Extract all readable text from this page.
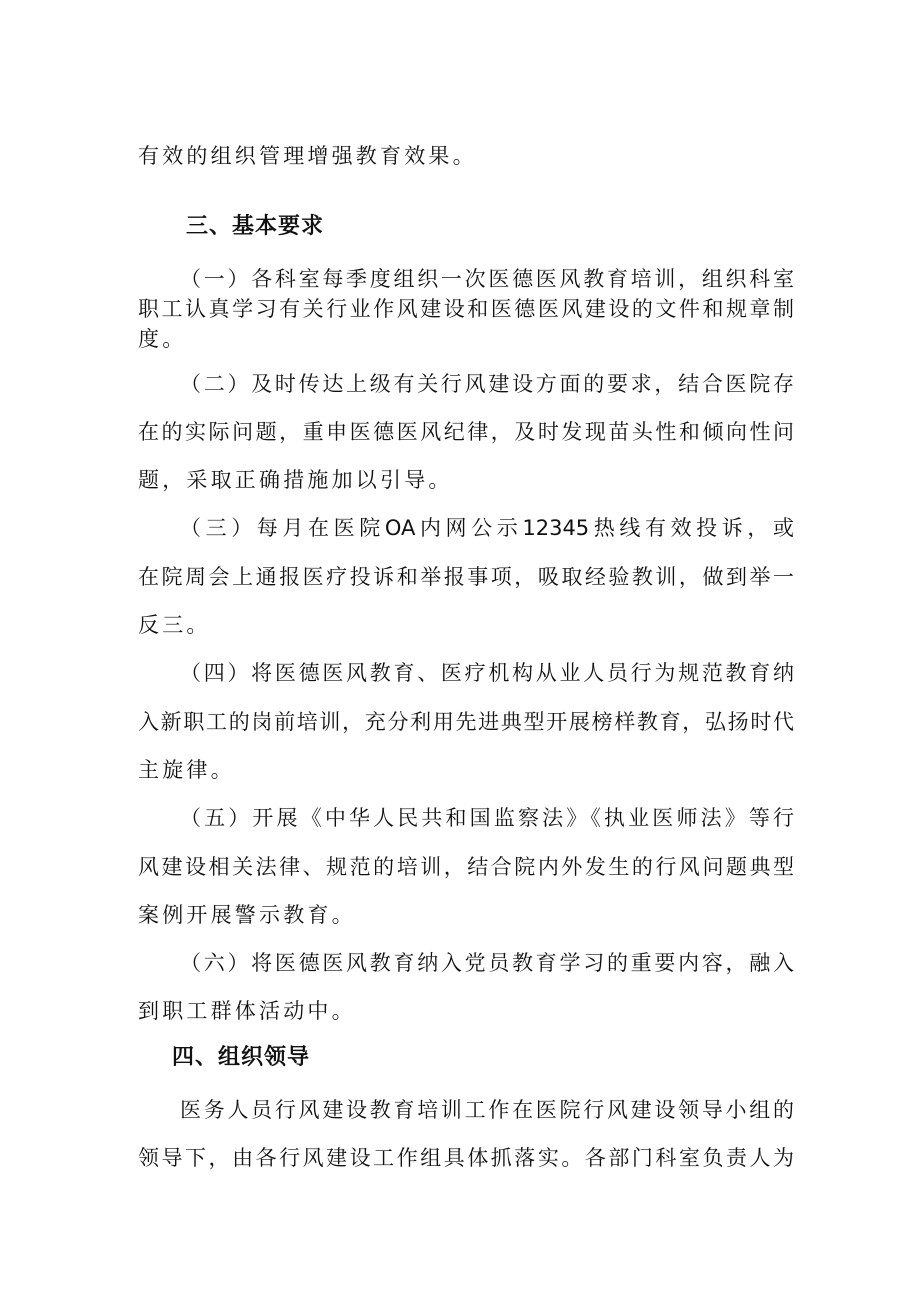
有效的组织管理增强教育效果。
三、基本要求
（一）各科室每季度组织一次医德医风教育培训，组织科室
职工认真学习有关行业作风建设和医德医风建设的文件和规章制
度。
（二）及时传达上级有关行风建设方面的要求，结合医院存
在的实际问题，重申医德医风纪律，及时发现苗头性和倾向性问
题，采取正确措施加以引导。
（三）每月在医院OA内网公示12345热线有效投诉，或
在院周会上通报医疗投诉和举报事项，吸取经验教训，做到举一
反三。
（四）将医德医风教育、医疗机构从业人员行为规范教育纳
入新职工的岗前培训，充分利用先进典型开展榜样教育，弘扬时代
主旋律。
（五）开展《中华人民共和国监察法》《执业医师法》等行
风建设相关法律、规范的培训，结合院内外发生的行风问题典型
案例开展警示教育。
（六）将医德医风教育纳入党员教育学习的重要内容，融入
到职工群体活动中。
四、组织领导
医务人员行风建设教育培训工作在医院行风建设领导小组的
领导下，由各行风建设工作组具体抓落实。各部门科室负责人为
